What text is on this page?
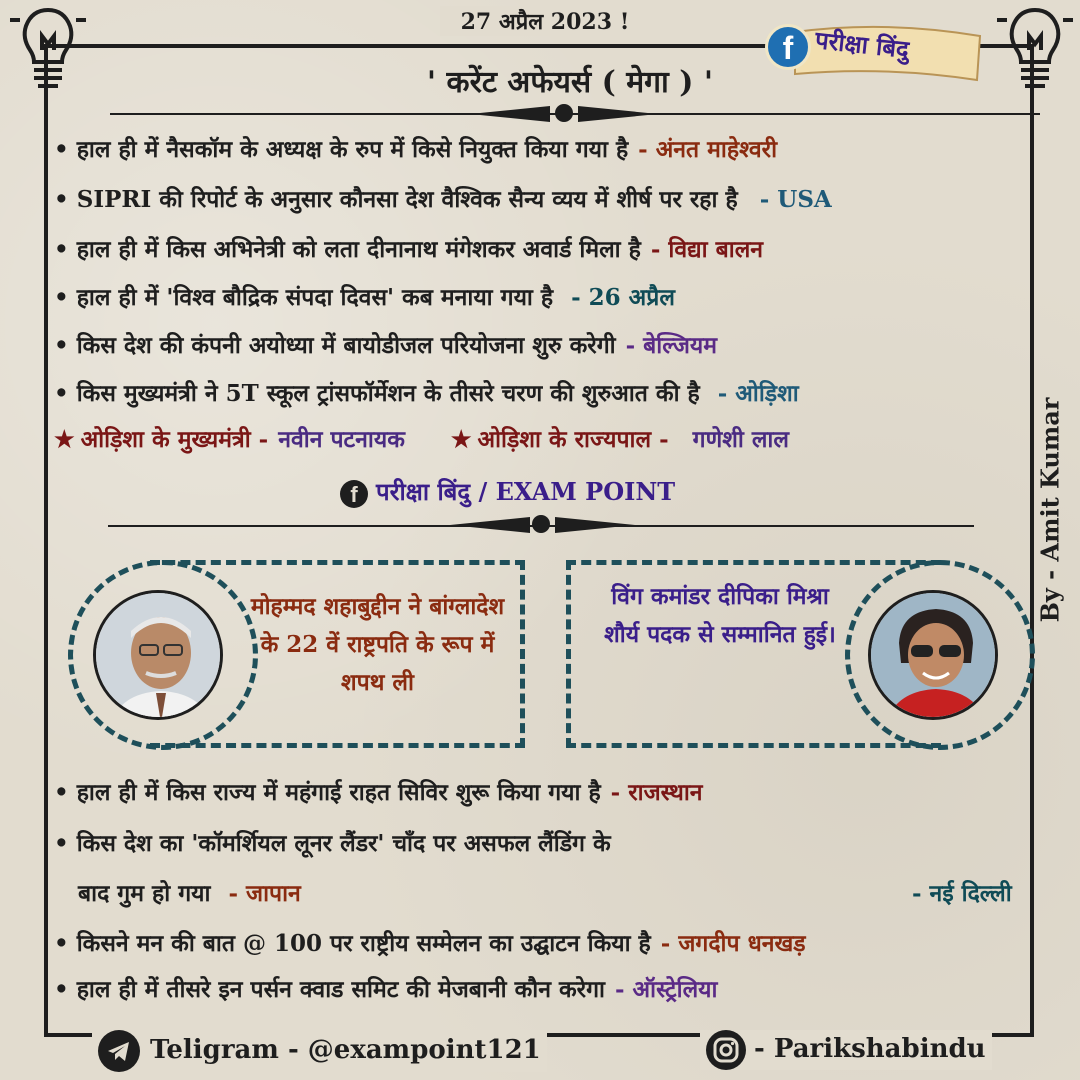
27 अप्रैल 2023 !
f परीक्षा बिंदु
' करेंट अफेयर्स ( मेगा ) '
• हाल ही में नैसकॉम के अध्यक्ष के रुप में किसे नियुक्त किया गया है - अंनत माहेश्वरी
• SIPRI की रिपोर्ट के अनुसार कौनसा देश वैश्विक सैन्य व्यय में शीर्ष पर रहा है - USA
• हाल ही में किस अभिनेत्री को लता दीनानाथ मंगेशकर अवार्ड मिला है - विद्या बालन
• हाल ही में 'विश्व बौद्रिक संपदा दिवस' कब मनाया गया है - 26 अप्रैल
• किस देश की कंपनी अयोध्या में बायोडीजल परियोजना शुरु करेगी - बेल्जियम
• किस मुख्यमंत्री ने 5T स्कूल ट्रांसफॉर्मेशन के तीसरे चरण की शुरुआत की है - ओड़िशा
★ ओड़िशा के मुख्यमंत्री - नवीन पटनायक ★ ओड़िशा के राज्यपाल - गणेशी लाल
f परीक्षा बिंदु / EXAM POINT
मोहम्मद शहाबुद्दीन ने बांग्लादेश के 22 वें राष्ट्रपति के रूप में शपथ ली
विंग कमांडर दीपिका मिश्रा शौर्य पदक से सम्मानित हुई।
By - Amit Kumar
• हाल ही में किस राज्य में महंगाई राहत सिविर शुरू किया गया है - राजस्थान
• किस देश का 'कॉमर्शियल लूनर लैंडर' चाँद पर असफल लैंडिंग के
बाद गुम हो गया - जापान	- नई दिल्ली
• किसने मन की बात @ 100 पर राष्ट्रीय सम्मेलन का उद्घाटन किया है - जगदीप धनखड़
• हाल ही में तीसरे इन पर्सन क्वाड समिट की मेजबानी कौन करेगा - ऑस्ट्रेलिया
Teligram - @exampoint121	- Parikshabindu
